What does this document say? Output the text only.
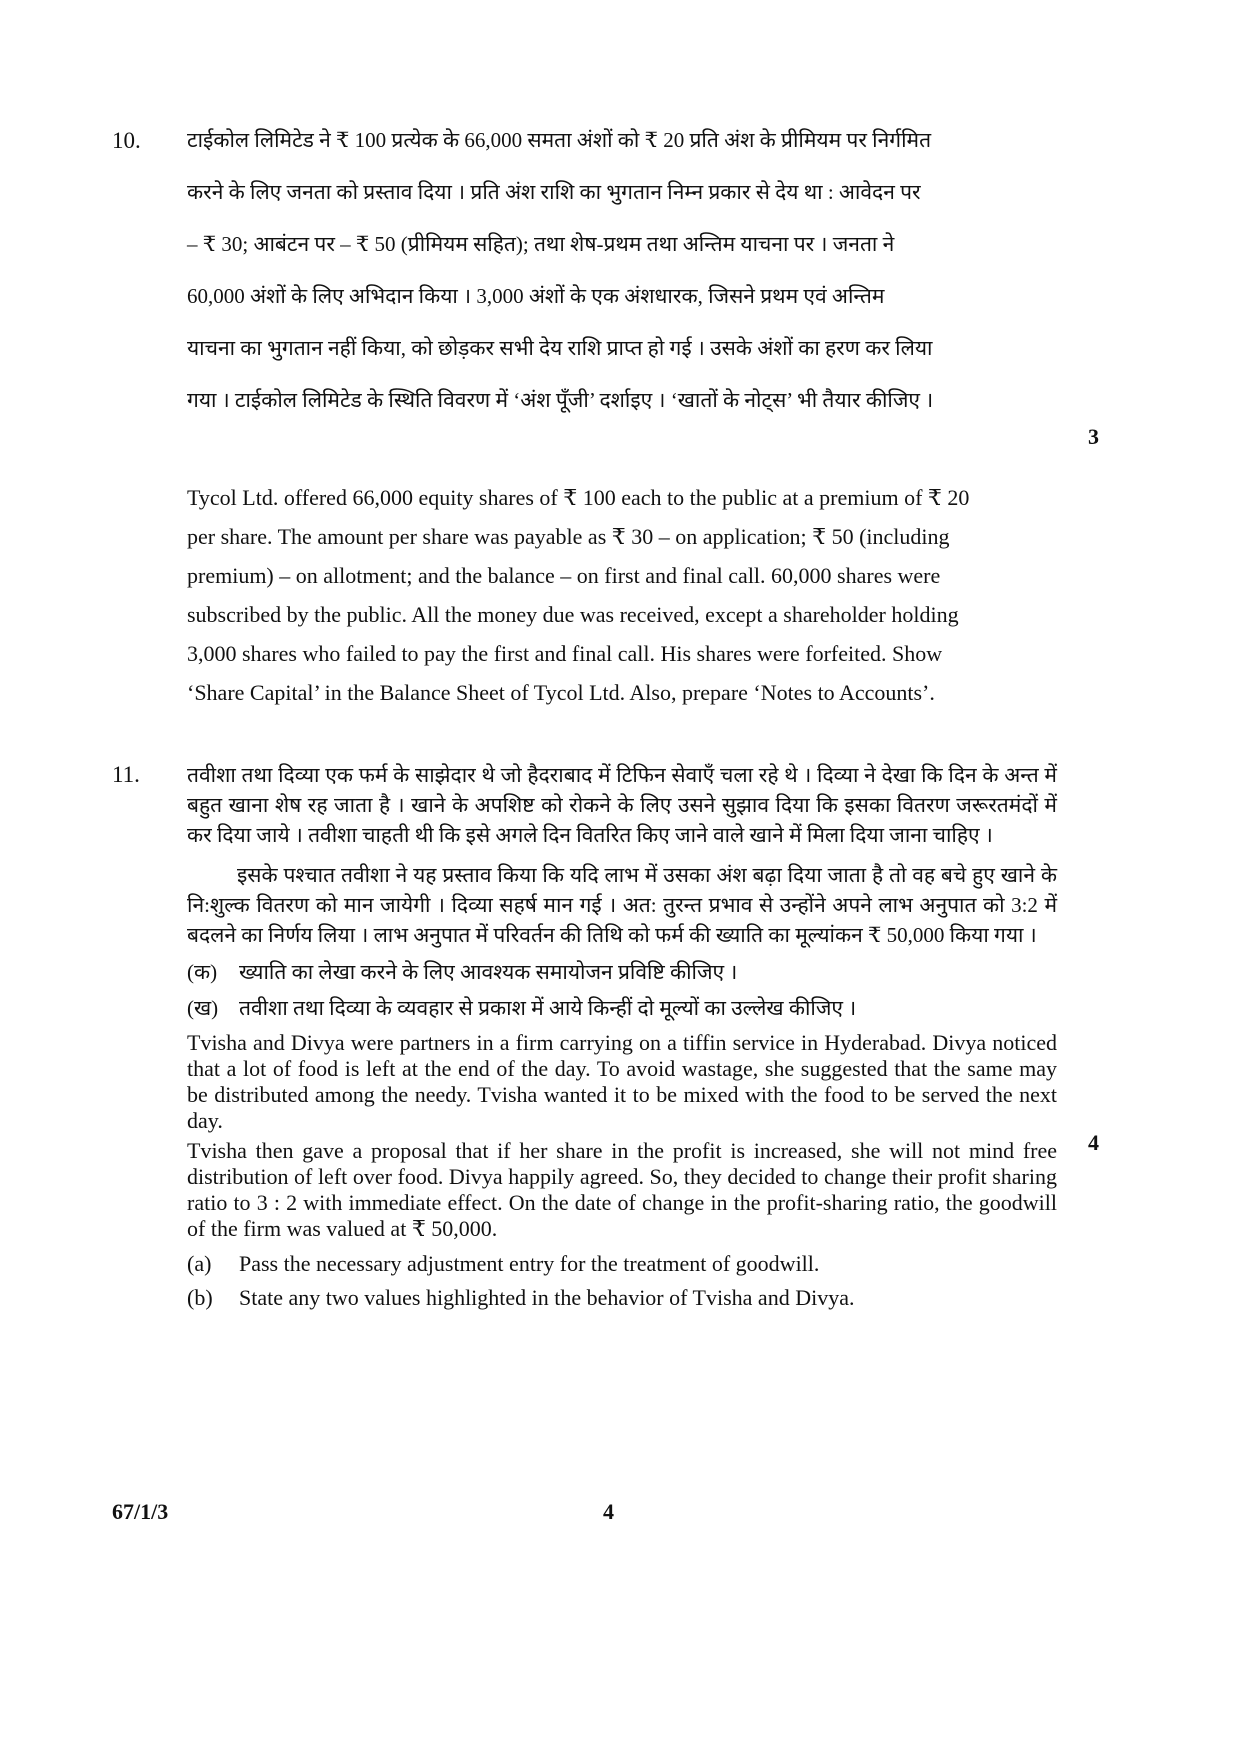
10. टाईकोल लिमिटेड ने ₹ 100 प्रत्येक के 66,000 समता अंशों को ₹ 20 प्रति अंश के प्रीमियम पर निर्गमित

करने के लिए जनता को प्रस्ताव दिया । प्रति अंश राशि का भुगतान निम्न प्रकार से देय था : आवेदन पर

– ₹ 30; आबंटन पर – ₹ 50 (प्रीमियम सहित); तथा शेष-प्रथम तथा अन्तिम याचना पर । जनता ने

60,000 अंशों के लिए अभिदान किया । 3,000 अंशों के एक अंशधारक, जिसने प्रथम एवं अन्तिम

याचना का भुगतान नहीं किया, को छोड़कर सभी देय राशि प्राप्त हो गई । उसके अंशों का हरण कर लिया

गया । टाईकोल लिमिटेड के स्थिति विवरण में ‘अंश पूँजी’ दर्शाइए । ‘खातों के नोट्स’ भी तैयार कीजिए ।

Tycol Ltd. offered 66,000 equity shares of ₹ 100 each to the public at a premium of ₹ 20

per share. The amount per share was payable as ₹ 30 – on application; ₹ 50 (including

premium) – on allotment; and the balance – on first and final call. 60,000 shares were

subscribed by the public. All the money due was received, except a shareholder holding

3,000 shares who failed to pay the first and final call. His shares were forfeited. Show

‘Share Capital’ in the Balance Sheet of Tycol Ltd. Also, prepare ‘Notes to Accounts’.

3
11. तवीशा तथा दिव्या एक फर्म के साझेदार थे जो हैदराबाद में टिफिन सेवाएँ चला रहे थे । दिव्या ने देखा कि दिन के अन्त में बहुत खाना शेष रह जाता है । खाने के अपशिष्ट को रोकने के लिए उसने सुझाव दिया कि इसका वितरण जरूरतमंदों में कर दिया जाये । तवीशा चाहती थी कि इसे अगले दिन वितरित किए जाने वाले खाने में मिला दिया जाना चाहिए ।
इसके पश्चात तवीशा ने यह प्रस्ताव किया कि यदि लाभ में उसका अंश बढ़ा दिया जाता है तो वह बचे हुए खाने के नि:शुल्क वितरण को मान जायेगी । दिव्या सहर्ष मान गई । अत: तुरन्त प्रभाव से उन्होंने अपने लाभ अनुपात को 3:2 में बदलने का निर्णय लिया । लाभ अनुपात में परिवर्तन की तिथि को फर्म की ख्याति का मूल्यांकन ₹ 50,000 किया गया ।
(क)	ख्याति का लेखा करने के लिए आवश्यक समायोजन प्रविष्टि कीजिए ।
(ख) तवीशा तथा दिव्या के व्यवहार से प्रकाश में आये किन्हीं दो मूल्यों का उल्लेख कीजिए ।
Tvisha and Divya were partners in a firm carrying on a tiffin service in Hyderabad. Divya noticed that a lot of food is left at the end of the day. To avoid wastage, she suggested that the same may be distributed among the needy. Tvisha wanted it to be mixed with the food to be served the next day.
Tvisha then gave a proposal that if her share in the profit is increased, she will not mind free distribution of left over food. Divya happily agreed. So, they decided to change their profit sharing ratio to 3 : 2 with immediate effect. On the date of change in the profit-sharing ratio, the goodwill of the firm was valued at ₹ 50,000.
(a)	Pass the necessary adjustment entry for the treatment of goodwill.
(b)	State any two values highlighted in the behavior of Tvisha and Divya.
4
67/1/3	4
